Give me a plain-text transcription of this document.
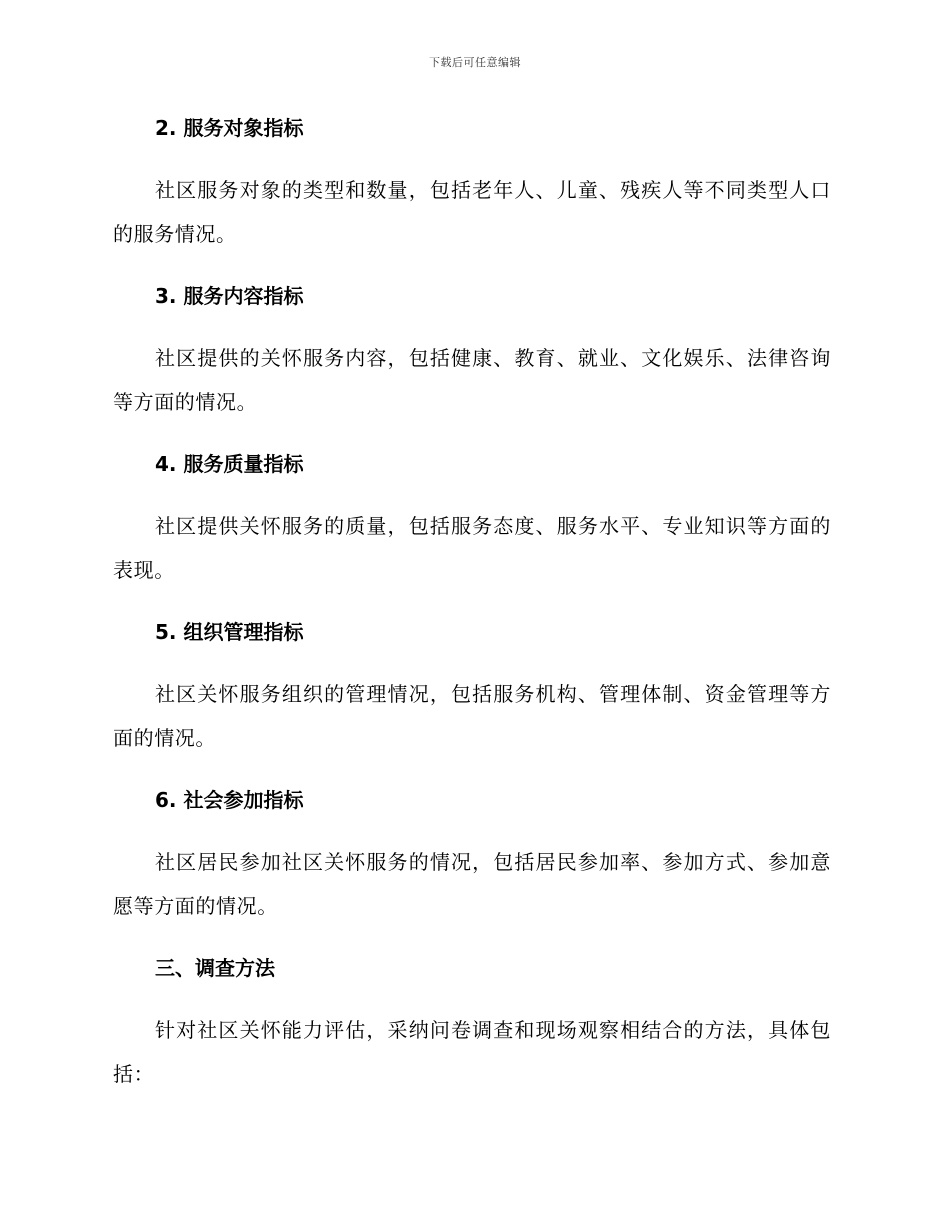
下载后可任意编辑
2. 服务对象指标

社区服务对象的类型和数量，包括老年人、儿童、残疾人等不同类型人口的服务情况。

3. 服务内容指标

社区提供的关怀服务内容，包括健康、教育、就业、文化娱乐、法律咨询等方面的情况。

4. 服务质量指标

社区提供关怀服务的质量，包括服务态度、服务水平、专业知识等方面的表现。

5. 组织管理指标

社区关怀服务组织的管理情况，包括服务机构、管理体制、资金管理等方面的情况。

6. 社会参加指标

社区居民参加社区关怀服务的情况，包括居民参加率、参加方式、参加意愿等方面的情况。

三、调查方法

针对社区关怀能力评估，采纳问卷调查和现场观察相结合的方法，具体包括：
